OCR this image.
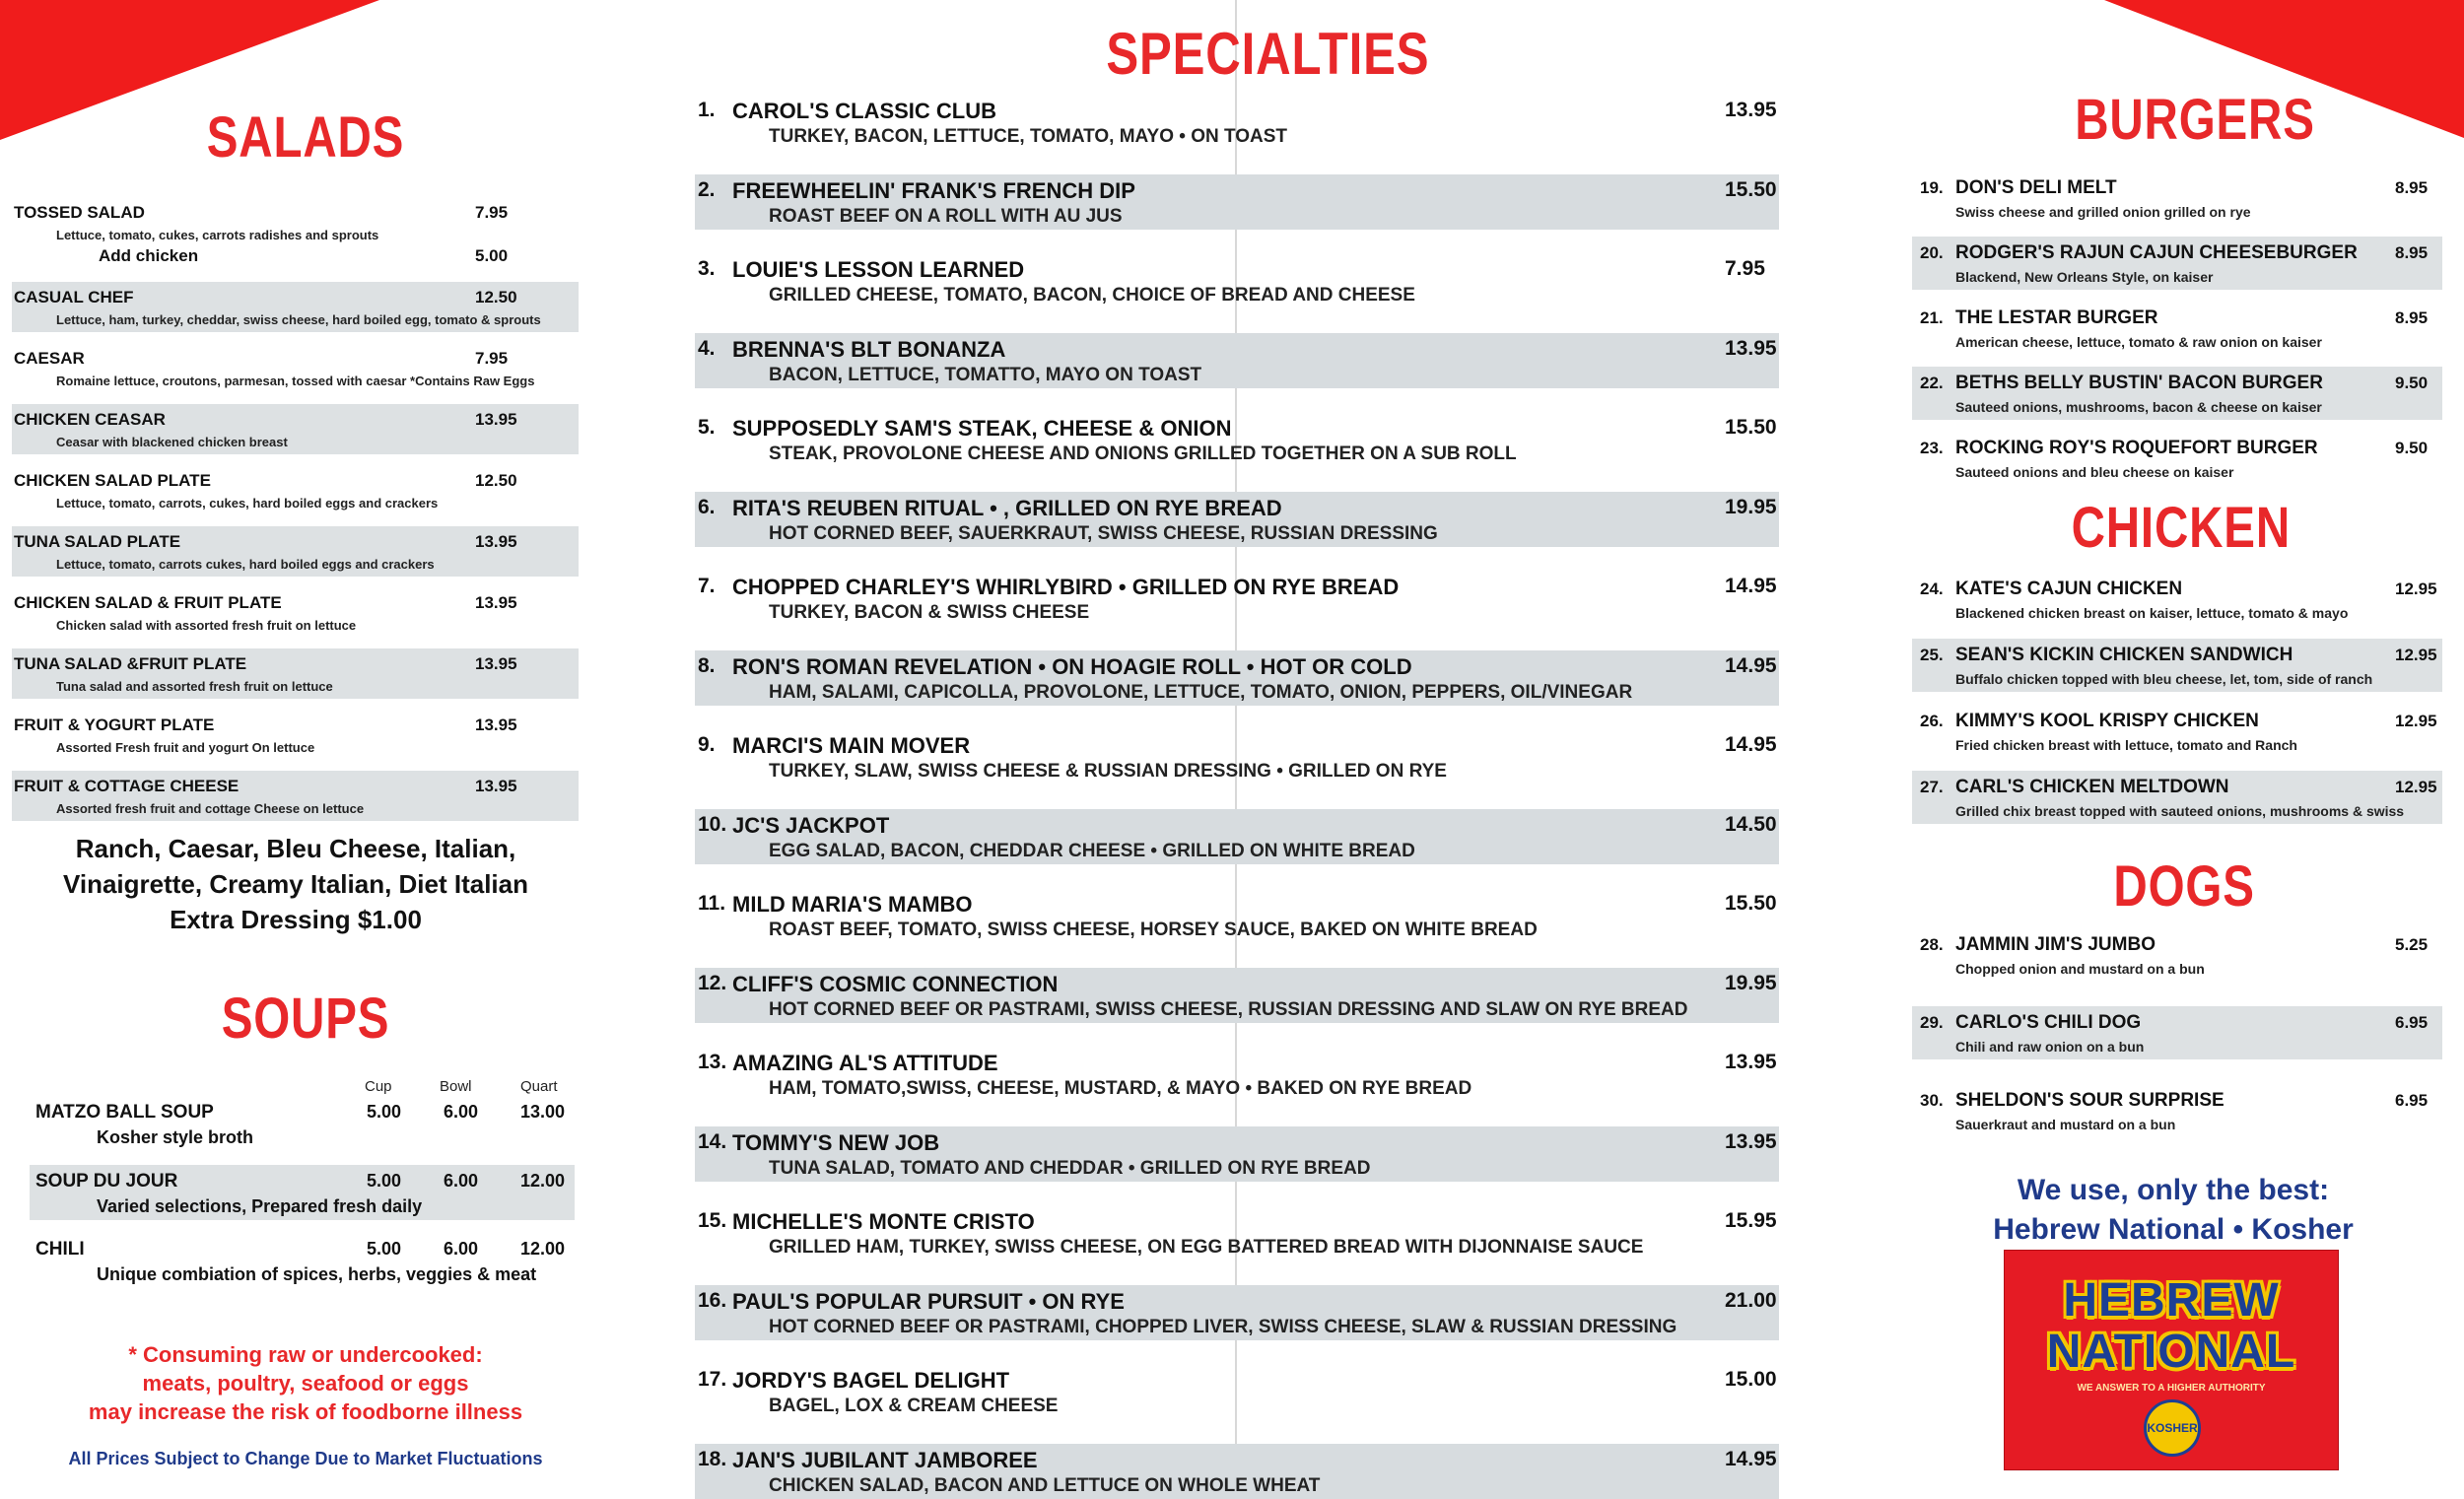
SALADS
TOSSED SALAD	7.95
Lettuce, tomato, cukes, carrots radishes and sprouts
Add chicken	5.00
CASUAL CHEF	12.50
Lettuce, ham, turkey, cheddar, swiss cheese, hard boiled egg, tomato & sprouts
CAESAR	7.95
Romaine lettuce, croutons, parmesan, tossed with caesar *Contains Raw Eggs
CHICKEN CEASAR	13.95
Ceasar with blackened chicken breast
CHICKEN SALAD PLATE	12.50
Lettuce, tomato, carrots, cukes, hard boiled eggs and crackers
TUNA SALAD PLATE	13.95
Lettuce, tomato, carrots cukes, hard boiled eggs and crackers
CHICKEN SALAD & FRUIT PLATE	13.95
Chicken salad with assorted fresh fruit on lettuce
TUNA SALAD &FRUIT PLATE	13.95
Tuna salad and assorted fresh fruit on lettuce
FRUIT & YOGURT PLATE	13.95
Assorted Fresh fruit and yogurt On lettuce
FRUIT & COTTAGE CHEESE	13.95
Assorted fresh fruit and cottage Cheese on lettuce
Ranch, Caesar, Bleu Cheese, Italian,
Vinaigrette, Creamy Italian, Diet Italian
Extra Dressing $1.00
SOUPS
Cup	Bowl	Quart
MATZO BALL SOUP	5.00 6.00 13.00
Kosher style broth
SOUP DU JOUR	5.00 6.00 12.00
Varied selections, Prepared fresh daily
CHILI	5.00 6.00 12.00
Unique combiation of spices, herbs, veggies & meat
* Consuming raw or undercooked:
meats, poultry, seafood or eggs
may increase the risk of foodborne illness
All Prices Subject to Change Due to Market Fluctuations
SPECIALTIES
1. CAROL'S CLASSIC CLUB	13.95
TURKEY, BACON, LETTUCE, TOMATO, MAYO • ON TOAST
2. FREEWHEELIN' FRANK'S FRENCH DIP	15.50
ROAST BEEF ON A ROLL WITH AU JUS
3. LOUIE'S LESSON LEARNED	7.95
GRILLED CHEESE, TOMATO, BACON, CHOICE OF BREAD AND CHEESE
4. BRENNA'S BLT BONANZA	13.95
BACON, LETTUCE, TOMATTO, MAYO ON TOAST
5. SUPPOSEDLY SAM'S STEAK, CHEESE & ONION	15.50
STEAK, PROVOLONE CHEESE AND ONIONS GRILLED TOGETHER ON A SUB ROLL
6. RITA'S REUBEN RITUAL • , GRILLED ON RYE BREAD	19.95
HOT CORNED BEEF, SAUERKRAUT, SWISS CHEESE, RUSSIAN DRESSING
7. CHOPPED CHARLEY'S WHIRLYBIRD • GRILLED ON RYE BREAD	14.95
TURKEY, BACON & SWISS CHEESE
8. RON'S ROMAN REVELATION • ON HOAGIE ROLL • HOT OR COLD	14.95
HAM, SALAMI, CAPICOLLA, PROVOLONE, LETTUCE, TOMATO, ONION, PEPPERS, OIL/VINEGAR
9. MARCI'S MAIN MOVER	14.95
TURKEY, SLAW, SWISS CHEESE & RUSSIAN DRESSING • GRILLED ON RYE
10. JC'S JACKPOT	14.50
EGG SALAD, BACON, CHEDDAR CHEESE • GRILLED ON WHITE BREAD
11. MILD MARIA'S MAMBO	15.50
ROAST BEEF, TOMATO, SWISS CHEESE, HORSEY SAUCE, BAKED ON WHITE BREAD
12. CLIFF'S COSMIC CONNECTION	19.95
HOT CORNED BEEF OR PASTRAMI, SWISS CHEESE, RUSSIAN DRESSING AND SLAW ON RYE BREAD
13. AMAZING AL'S ATTITUDE	13.95
HAM, TOMATO,SWISS, CHEESE, MUSTARD, & MAYO • BAKED ON RYE BREAD
14. TOMMY'S NEW JOB	13.95
TUNA SALAD, TOMATO AND CHEDDAR • GRILLED ON RYE BREAD
15. MICHELLE'S MONTE CRISTO	15.95
GRILLED HAM, TURKEY, SWISS CHEESE, ON EGG BATTERED BREAD WITH DIJONNAISE SAUCE
16. PAUL'S POPULAR PURSUIT • ON RYE	21.00
HOT CORNED BEEF OR PASTRAMI, CHOPPED LIVER, SWISS CHEESE, SLAW & RUSSIAN DRESSING
17. JORDY'S BAGEL DELIGHT	15.00
BAGEL, LOX & CREAM CHEESE
18. JAN'S JUBILANT JAMBOREE	14.95
CHICKEN SALAD, BACON AND LETTUCE ON WHOLE WHEAT
BURGERS
19. DON'S DELI MELT	8.95
Swiss cheese and grilled onion grilled on rye
20. RODGER'S RAJUN CAJUN CHEESEBURGER 8.95
Blackend, New Orleans Style, on kaiser
21. THE LESTAR BURGER	8.95
American cheese, lettuce, tomato & raw onion on kaiser
22. BETHS BELLY BUSTIN' BACON BURGER	9.50
Sauteed onions, mushrooms, bacon & cheese on kaiser
23. ROCKING ROY'S ROQUEFORT BURGER	9.50
Sauteed onions and bleu cheese on kaiser
CHICKEN
24. KATE'S CAJUN CHICKEN	12.95
Blackened chicken breast on kaiser, lettuce, tomato & mayo
25. SEAN'S KICKIN CHICKEN SANDWICH	12.95
Buffalo chicken topped with bleu cheese, let, tom, side of ranch
26. KIMMY'S KOOL KRISPY CHICKEN	12.95
Fried chicken breast with lettuce, tomato and Ranch
27. CARL'S CHICKEN MELTDOWN	12.95
Grilled chix breast topped with sauteed onions, mushrooms & swiss
DOGS
28. JAMMIN JIM'S JUMBO	5.25
Chopped onion and mustard on a bun
29. CARLO'S CHILI DOG	6.95
Chili and raw onion on a bun
30. SHELDON'S SOUR SURPRISE	6.95
Sauerkraut and mustard on a bun
We use, only the best:
Hebrew National • Kosher
HEBREW
NATIONAL
WE ANSWER TO A HIGHER AUTHORITY
KOSHER
